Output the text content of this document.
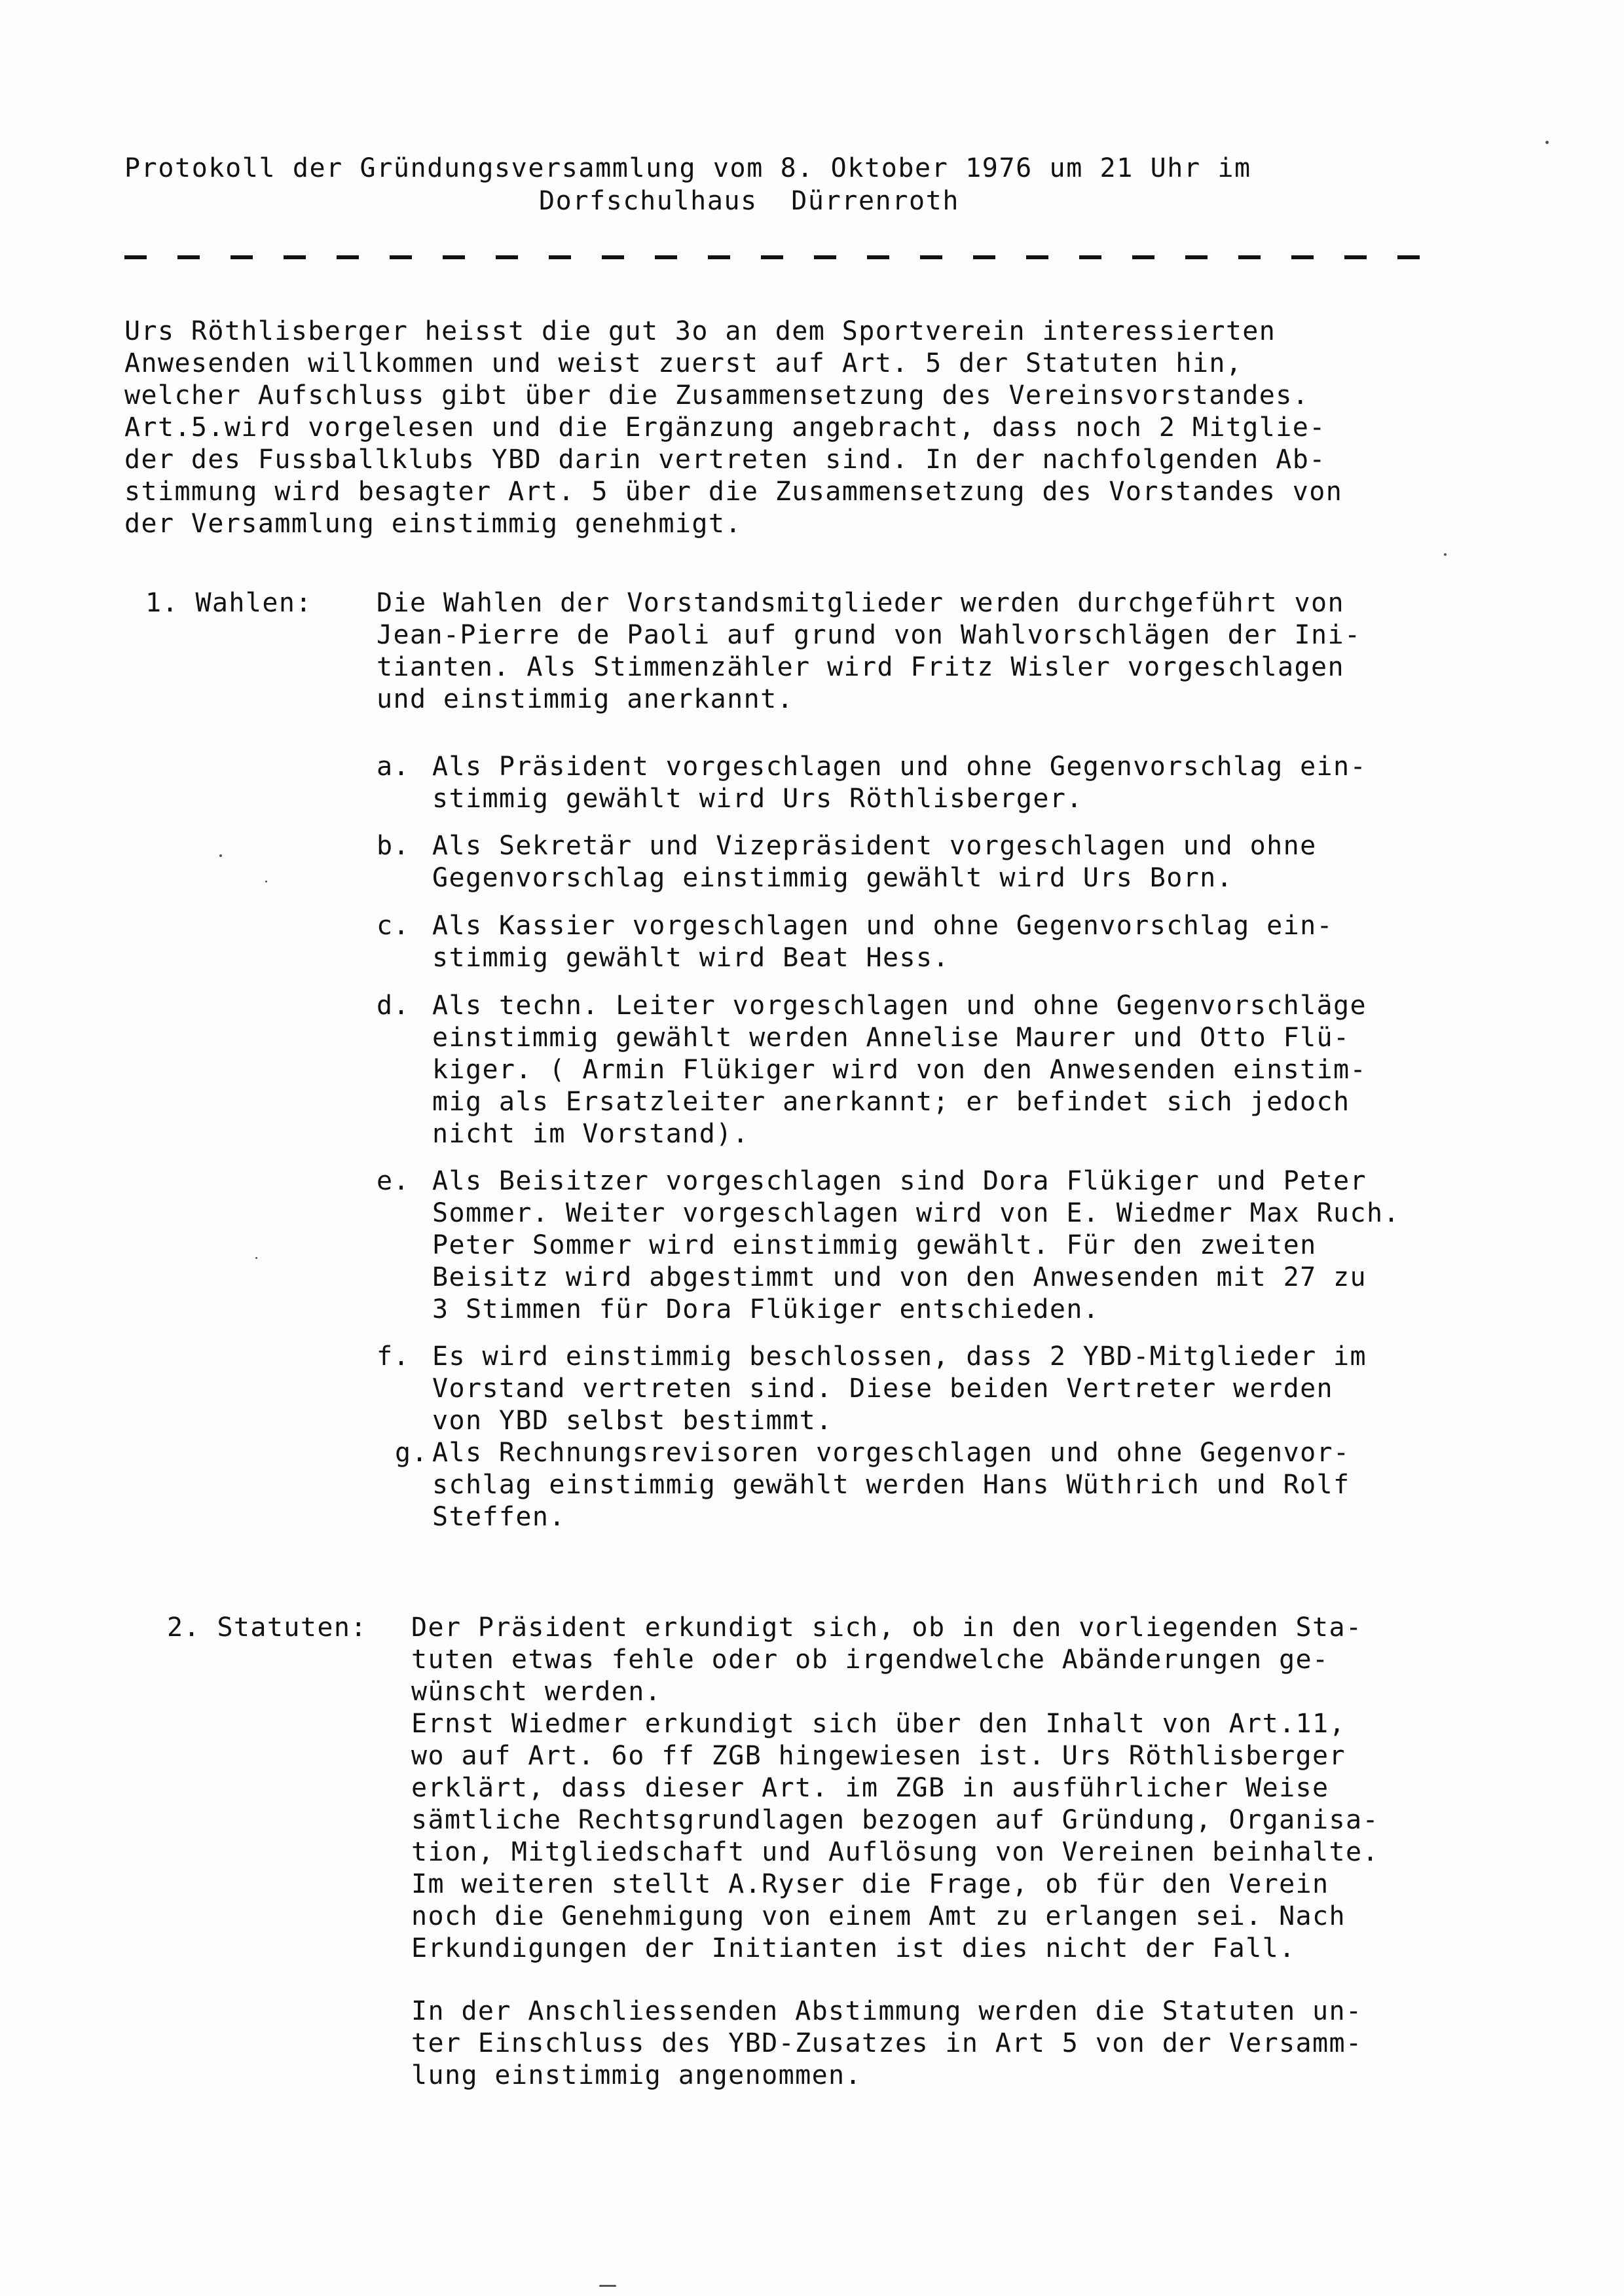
Protokoll der Gründungsversammlung vom 8. Oktober 1976 um 21 Uhr im
Dorfschulhaus  Dürrenroth
Urs Röthlisberger heisst die gut 3o an dem Sportverein interessierten
Anwesenden willkommen und weist zuerst auf Art. 5 der Statuten hin,
welcher Aufschluss gibt über die Zusammensetzung des Vereinsvorstandes.
Art.5.wird vorgelesen und die Ergänzung angebracht, dass noch 2 Mitglie-
der des Fussballklubs YBD darin vertreten sind. In der nachfolgenden Ab-
stimmung wird besagter Art. 5 über die Zusammensetzung des Vorstandes von
der Versammlung einstimmig genehmigt.
1. Wahlen: Die Wahlen der Vorstandsmitglieder werden durchgeführt von
Jean-Pierre de Paoli auf grund von Wahlvorschlägen der Ini-
tianten. Als Stimmenzähler wird Fritz Wisler vorgeschlagen
und einstimmig anerkannt.
a. Als Präsident vorgeschlagen und ohne Gegenvorschlag ein-
stimmig gewählt wird Urs Röthlisberger.
b. Als Sekretär und Vizepräsident vorgeschlagen und ohne
Gegenvorschlag einstimmig gewählt wird Urs Born.
c. Als Kassier vorgeschlagen und ohne Gegenvorschlag ein-
stimmig gewählt wird Beat Hess.
d. Als techn. Leiter vorgeschlagen und ohne Gegenvorschläge
einstimmig gewählt werden Annelise Maurer und Otto Flü-
kiger. ( Armin Flükiger wird von den Anwesenden einstim-
mig als Ersatzleiter anerkannt; er befindet sich jedoch
nicht im Vorstand).
e. Als Beisitzer vorgeschlagen sind Dora Flükiger und Peter
Sommer. Weiter vorgeschlagen wird von E. Wiedmer Max Ruch.
Peter Sommer wird einstimmig gewählt. Für den zweiten
Beisitz wird abgestimmt und von den Anwesenden mit 27 zu
3 Stimmen für Dora Flükiger entschieden.
f. Es wird einstimmig beschlossen, dass 2 YBD-Mitglieder im
Vorstand vertreten sind. Diese beiden Vertreter werden
von YBD selbst bestimmt.
g. Als Rechnungsrevisoren vorgeschlagen und ohne Gegenvor-
schlag einstimmig gewählt werden Hans Wüthrich und Rolf
Steffen.
2. Statuten: Der Präsident erkundigt sich, ob in den vorliegenden Sta-
tuten etwas fehle oder ob irgendwelche Abänderungen ge-
wünscht werden.
Ernst Wiedmer erkundigt sich über den Inhalt von Art.11,
wo auf Art. 6o ff ZGB hingewiesen ist. Urs Röthlisberger
erklärt, dass dieser Art. im ZGB in ausführlicher Weise
sämtliche Rechtsgrundlagen bezogen auf Gründung, Organisa-
tion, Mitgliedschaft und Auflösung von Vereinen beinhalte.
Im weiteren stellt A.Ryser die Frage, ob für den Verein
noch die Genehmigung von einem Amt zu erlangen sei. Nach
Erkundigungen der Initianten ist dies nicht der Fall.
In der Anschliessenden Abstimmung werden die Statuten un-
ter Einschluss des YBD-Zusatzes in Art 5 von der Versamm-
lung einstimmig angenommen.
